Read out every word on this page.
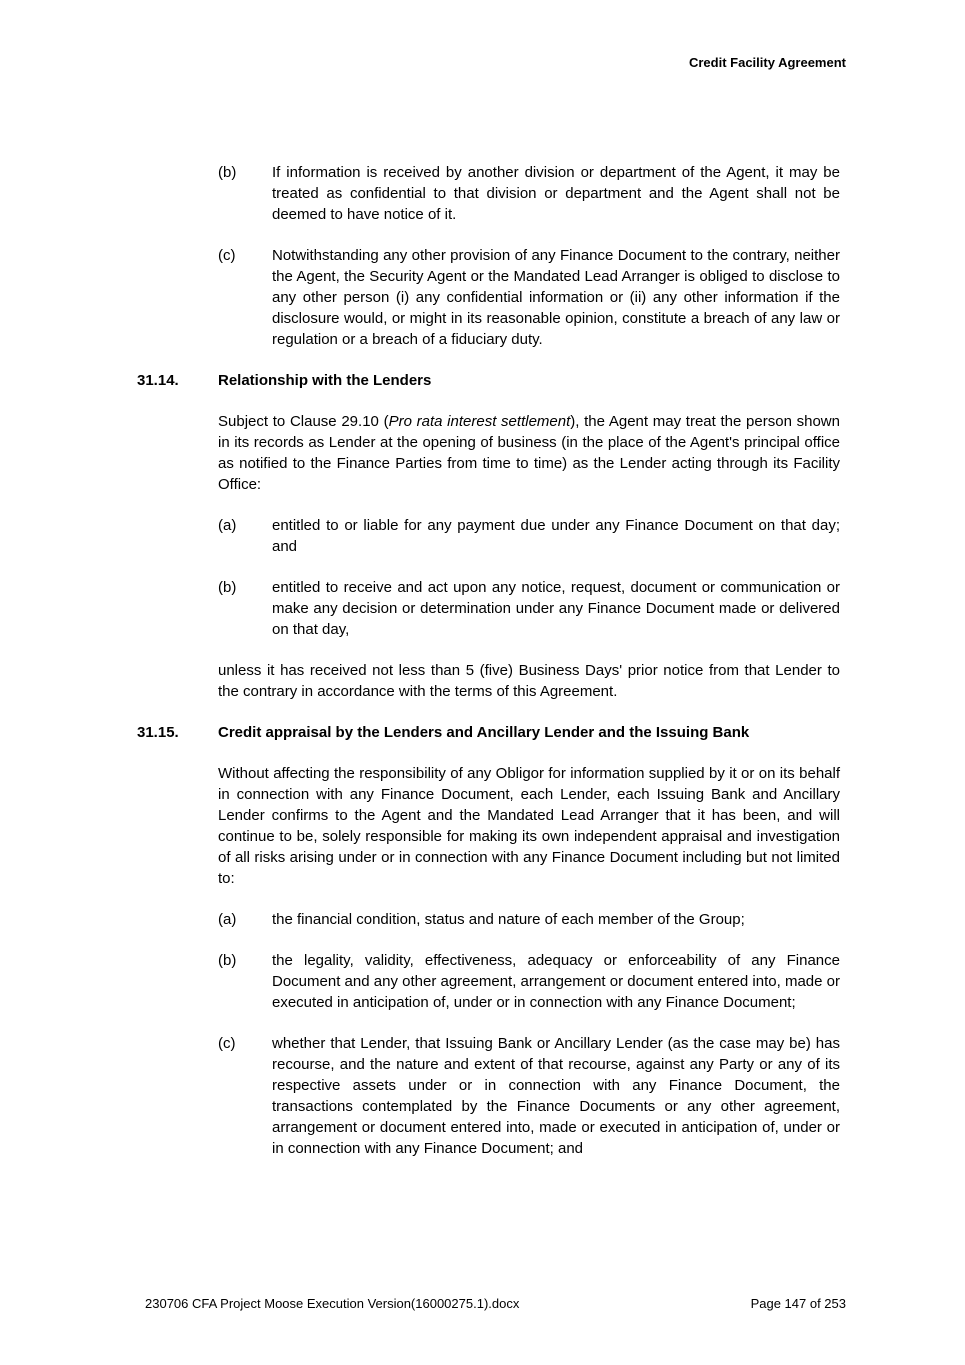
Credit Facility Agreement
(b)	If information is received by another division or department of the Agent, it may be treated as confidential to that division or department and the Agent shall not be deemed to have notice of it.
(c)	Notwithstanding any other provision of any Finance Document to the contrary, neither the Agent, the Security Agent or the Mandated Lead Arranger is obliged to disclose to any other person (i) any confidential information or (ii) any other information if the disclosure would, or might in its reasonable opinion, constitute a breach of any law or regulation or a breach of a fiduciary duty.
31.14.	Relationship with the Lenders
Subject to Clause 29.10 (Pro rata interest settlement), the Agent may treat the person shown in its records as Lender at the opening of business (in the place of the Agent's principal office as notified to the Finance Parties from time to time) as the Lender acting through its Facility Office:
(a)	entitled to or liable for any payment due under any Finance Document on that day; and
(b)	entitled to receive and act upon any notice, request, document or communication or make any decision or determination under any Finance Document made or delivered on that day,
unless it has received not less than 5 (five) Business Days' prior notice from that Lender to the contrary in accordance with the terms of this Agreement.
31.15.	Credit appraisal by the Lenders and Ancillary Lender and the Issuing Bank
Without affecting the responsibility of any Obligor for information supplied by it or on its behalf in connection with any Finance Document, each Lender, each Issuing Bank and Ancillary Lender confirms to the Agent and the Mandated Lead Arranger that it has been, and will continue to be, solely responsible for making its own independent appraisal and investigation of all risks arising under or in connection with any Finance Document including but not limited to:
(a)	the financial condition, status and nature of each member of the Group;
(b)	the legality, validity, effectiveness, adequacy or enforceability of any Finance Document and any other agreement, arrangement or document entered into, made or executed in anticipation of, under or in connection with any Finance Document;
(c)	whether that Lender, that Issuing Bank or Ancillary Lender (as the case may be) has recourse, and the nature and extent of that recourse, against any Party or any of its respective assets under or in connection with any Finance Document, the transactions contemplated by the Finance Documents or any other agreement, arrangement or document entered into, made or executed in anticipation of, under or in connection with any Finance Document; and
230706 CFA Project Moose Execution Version(16000275.1).docx	Page 147 of 253
